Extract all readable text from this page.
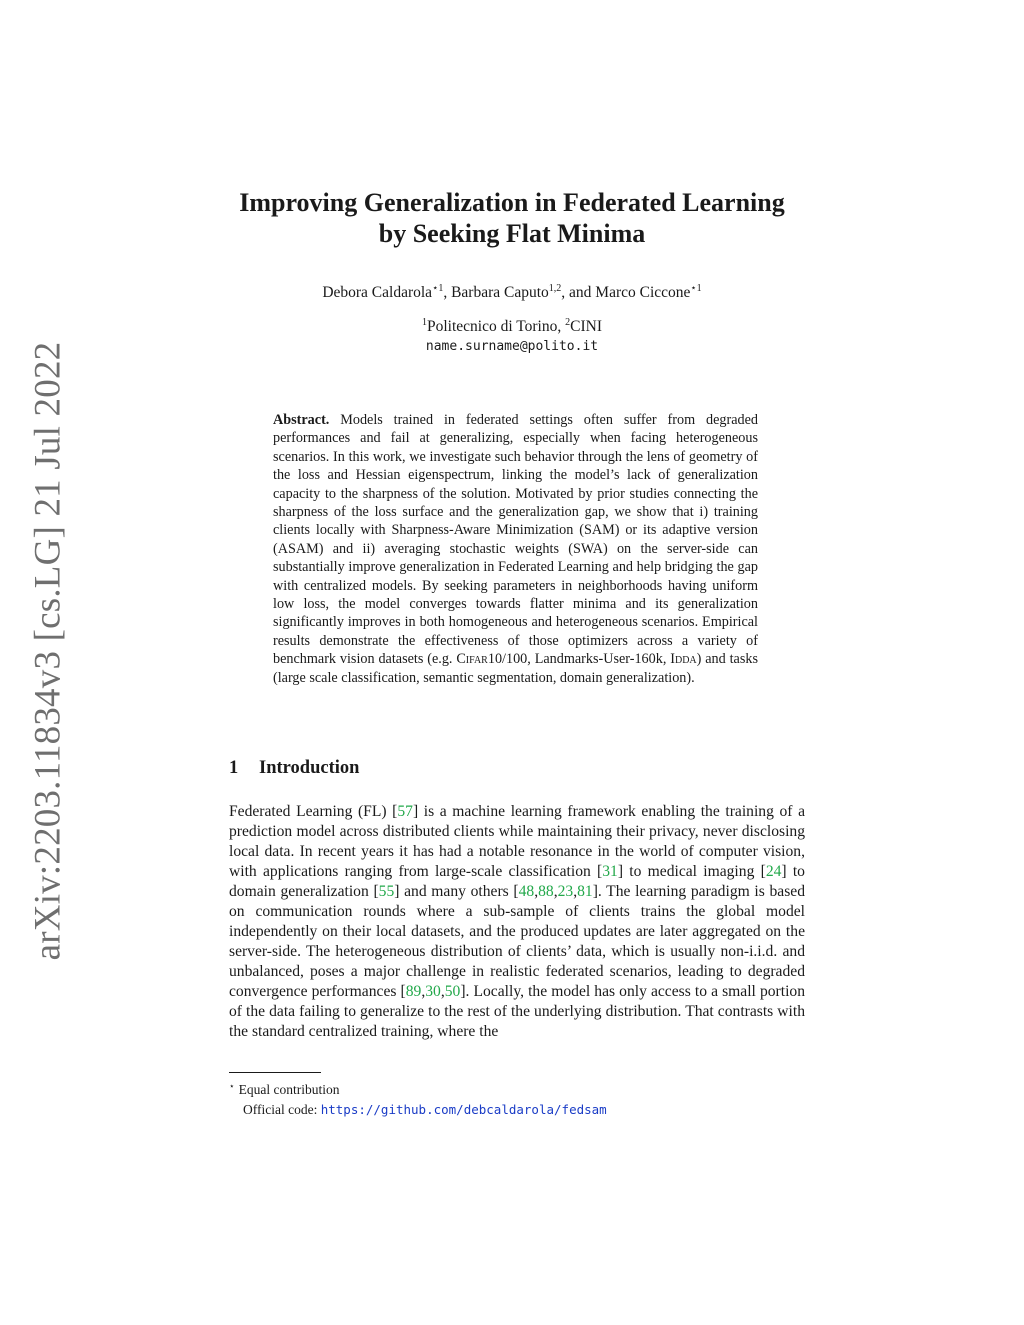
arXiv:2203.11834v3 [cs.LG] 21 Jul 2022
Improving Generalization in Federated Learning
by Seeking Flat Minima
Debora Caldarola$^{⋆1}$, Barbara Caputo$^{1,2}$, and Marco Ciccone$^{⋆1}$
$^1$Politecnico di Torino, $^2$CINI
name.surname@polito.it
Abstract. Models trained in federated settings often suffer from degraded performances and fail at generalizing, especially when facing heterogeneous scenarios. In this work, we investigate such behavior through the lens of geometry of the loss and Hessian eigenspectrum, linking the model’s lack of generalization capacity to the sharpness of the solution. Motivated by prior studies connecting the sharpness of the loss surface and the generalization gap, we show that i) training clients locally with Sharpness-Aware Minimization (SAM) or its adaptive version (ASAM) and ii) averaging stochastic weights (SWA) on the server-side can substantially improve generalization in Federated Learning and help bridging the gap with centralized models. By seeking parameters in neighborhoods having uniform low loss, the model converges towards flatter minima and its generalization significantly improves in both homogeneous and heterogeneous scenarios. Empirical results demonstrate the effectiveness of those optimizers across a variety of benchmark vision datasets (e.g. Cifar10/100, Landmarks-User-160k, Idda) and tasks (large scale classification, semantic segmentation, domain generalization).
1 Introduction
Federated Learning (FL) [57] is a machine learning framework enabling the training of a prediction model across distributed clients while maintaining their privacy, never disclosing local data. In recent years it has had a notable resonance in the world of computer vision, with applications ranging from large-scale classification [31] to medical imaging [24] to domain generalization [55] and many others [48,88,23,81]. The learning paradigm is based on communication rounds where a sub-sample of clients trains the global model independently on their local datasets, and the produced updates are later aggregated on the server-side. The heterogeneous distribution of clients’ data, which is usually non-i.i.d. and unbalanced, poses a major challenge in realistic federated scenarios, leading to degraded convergence performances [89,30,50]. Locally, the model has only access to a small portion of the data failing to generalize to the rest of the underlying distribution. That contrasts with the standard centralized training, where the
⋆ Equal contribution
Official code: https://github.com/debcaldarola/fedsam
